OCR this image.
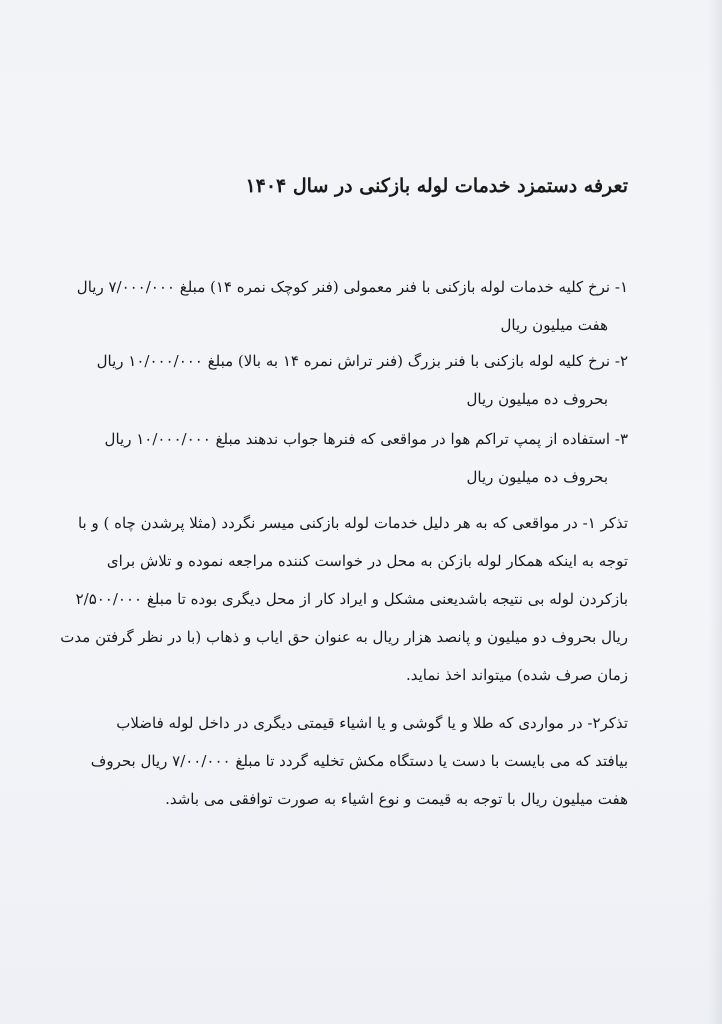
تعرفه دستمزد خدمات لوله بازکنی در سال ۱۴۰۴
۱- نرخ کلیه خدمات لوله بازکنی با فنر معمولی (فنر کوچک نمره ۱۴) مبلغ ۷/۰۰۰/۰۰۰ ریال
هفت میلیون ریال
۲- نرخ کلیه لوله بازکنی با فنر بزرگ (فنر تراش نمره ۱۴ به بالا) مبلغ ۱۰/۰۰۰/۰۰۰ ریال
بحروف ده میلیون ریال
۳- استفاده از پمپ تراکم هوا در مواقعی که فنرها جواب ندهند مبلغ ۱۰/۰۰۰/۰۰۰ ریال
بحروف ده میلیون ریال
تذکر ۱- در مواقعی که به هر دلیل خدمات لوله بازکنی میسر نگردد (مثلا پرشدن چاه ) و با
توجه به اینکه همکار لوله بازکن به محل در خواست کننده مراجعه نموده و تلاش برای
بازکردن لوله بی نتیجه باشدیعنی مشکل و ایراد کار از محل دیگری بوده تا مبلغ ۲/۵۰۰/۰۰۰
ریال بحروف دو میلیون و پانصد هزار ریال به عنوان حق ایاب و ذهاب (با در نظر گرفتن مدت
زمان صرف شده) میتواند اخذ نماید.
تذکر۲- در مواردی که طلا و یا گوشی و یا اشیاء قیمتی دیگری در داخل لوله فاضلاب
بیافتد که می بایست با دست یا دستگاه مکش تخلیه گردد تا مبلغ ۷/۰۰/۰۰۰ ریال بحروف
هفت میلیون ریال با توجه به قیمت و نوع اشیاء به صورت توافقی می باشد.
